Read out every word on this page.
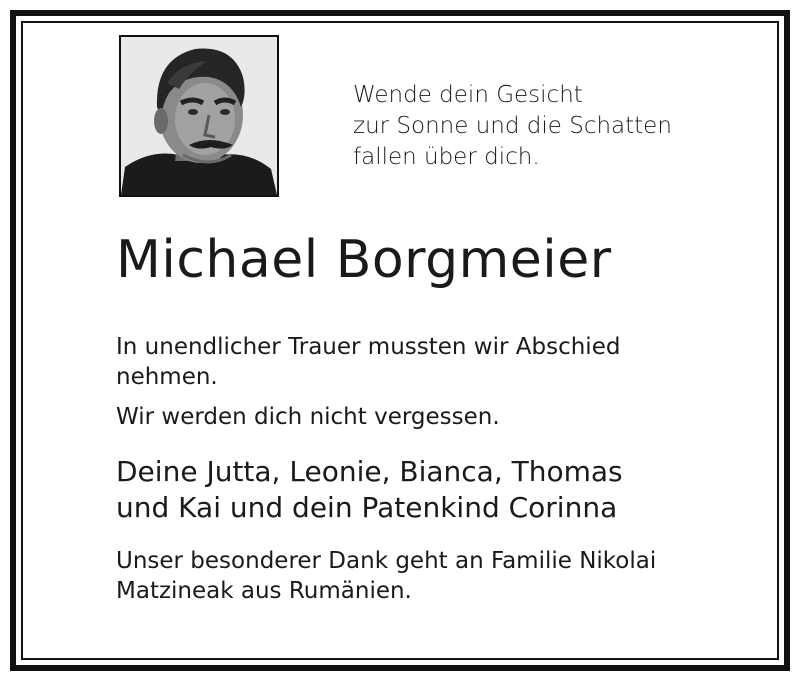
Wende dein Gesicht
zur Sonne und die Schatten
fallen über dich.

Michael Borgmeier

In unendlicher Trauer mussten wir Abschied
nehmen.

Wir werden dich nicht vergessen.

Deine Jutta, Leonie, Bianca, Thomas
und Kai und dein Patenkind Corinna

Unser besonderer Dank geht an Familie Nikolai
Matzineak aus Rumänien.
